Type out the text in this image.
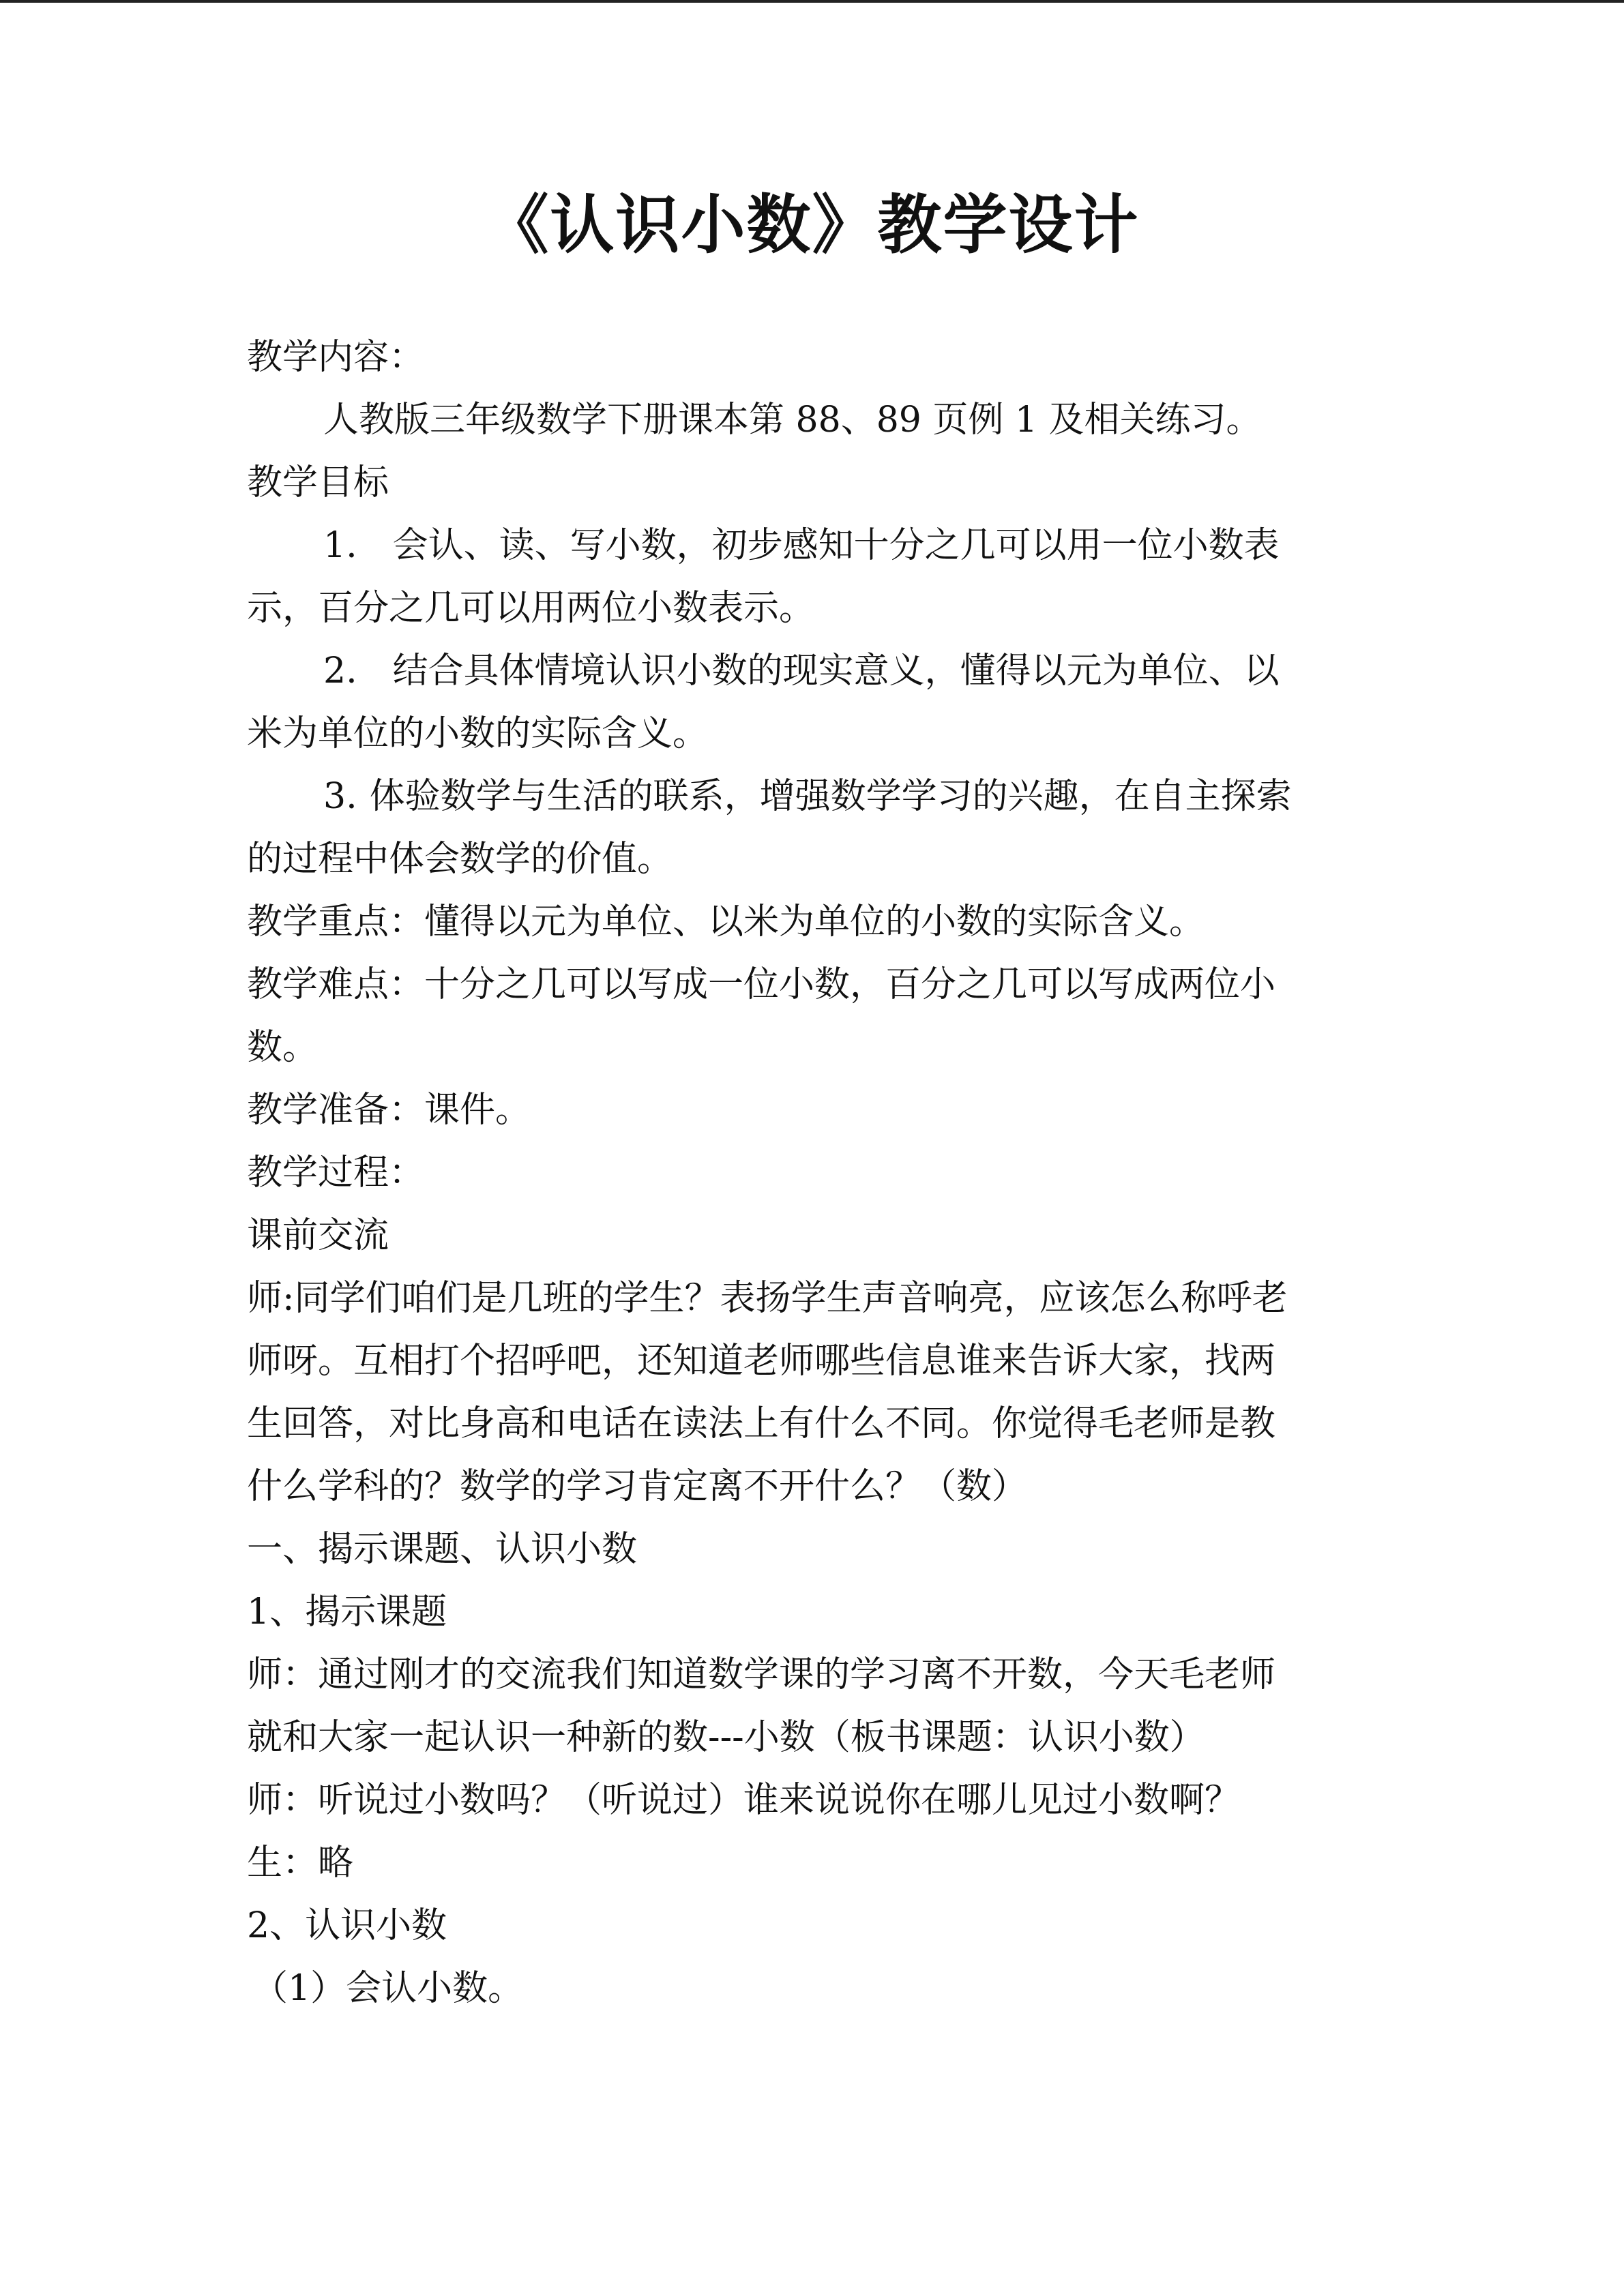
《认识小数》教学设计
教学内容：
人教版三年级数学下册课本第 88、89 页例 1 及相关练习。
教学目标
1. 会认、读、写小数，初步感知十分之几可以用一位小数表
示，百分之几可以用两位小数表示。
2. 结合具体情境认识小数的现实意义，懂得以元为单位、以
米为单位的小数的实际含义。
3. 体验数学与生活的联系，增强数学学习的兴趣，在自主探索
的过程中体会数学的价值。
教学重点：懂得以元为单位、以米为单位的小数的实际含义。
教学难点：十分之几可以写成一位小数，百分之几可以写成两位小
数。
教学准备：课件。
教学过程：
课前交流
师:同学们咱们是几班的学生？表扬学生声音响亮，应该怎么称呼老
师呀。互相打个招呼吧，还知道老师哪些信息谁来告诉大家，找两
生回答，对比身高和电话在读法上有什么不同。你觉得毛老师是教
什么学科的？数学的学习肯定离不开什么？（数）
一、揭示课题、认识小数
1、揭示课题
师：通过刚才的交流我们知道数学课的学习离不开数，今天毛老师
就和大家一起认识一种新的数---小数（板书课题：认识小数）
师：听说过小数吗？（听说过）谁来说说你在哪儿见过小数啊？
生：略
2、认识小数
（1）会认小数。
